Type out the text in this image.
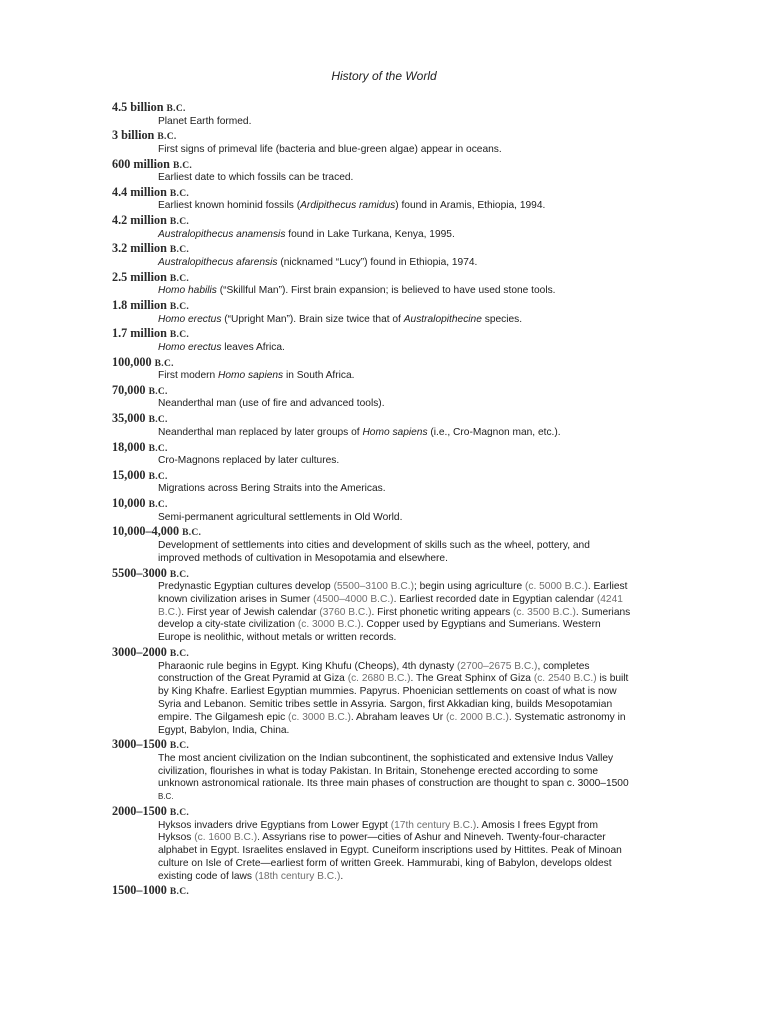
History of the World
4.5 billion B.C.
Planet Earth formed.
3 billion B.C.
First signs of primeval life (bacteria and blue-green algae) appear in oceans.
600 million B.C.
Earliest date to which fossils can be traced.
4.4 million B.C.
Earliest known hominid fossils (Ardipithecus ramidus) found in Aramis, Ethiopia, 1994.
4.2 million B.C.
Australopithecus anamensis found in Lake Turkana, Kenya, 1995.
3.2 million B.C.
Australopithecus afarensis (nicknamed “Lucy”) found in Ethiopia, 1974.
2.5 million B.C.
Homo habilis (“Skillful Man”). First brain expansion; is believed to have used stone tools.
1.8 million B.C.
Homo erectus (“Upright Man”). Brain size twice that of Australopithecine species.
1.7 million B.C.
Homo erectus leaves Africa.
100,000 B.C.
First modern Homo sapiens in South Africa.
70,000 B.C.
Neanderthal man (use of fire and advanced tools).
35,000 B.C.
Neanderthal man replaced by later groups of Homo sapiens (i.e., Cro-Magnon man, etc.).
18,000 B.C.
Cro-Magnons replaced by later cultures.
15,000 B.C.
Migrations across Bering Straits into the Americas.
10,000 B.C.
Semi-permanent agricultural settlements in Old World.
10,000–4,000 B.C.
Development of settlements into cities and development of skills such as the wheel, pottery, and improved methods of cultivation in Mesopotamia and elsewhere.
5500–3000 B.C.
Predynastic Egyptian cultures develop (5500–3100 B.C.); begin using agriculture (c. 5000 B.C.). Earliest known civilization arises in Sumer (4500–4000 B.C.). Earliest recorded date in Egyptian calendar (4241 B.C.). First year of Jewish calendar (3760 B.C.). First phonetic writing appears (c. 3500 B.C.). Sumerians develop a city-state civilization (c. 3000 B.C.). Copper used by Egyptians and Sumerians. Western Europe is neolithic, without metals or written records.
3000–2000 B.C.
Pharaonic rule begins in Egypt. King Khufu (Cheops), 4th dynasty (2700–2675 B.C.), completes construction of the Great Pyramid at Giza (c. 2680 B.C.). The Great Sphinx of Giza (c. 2540 B.C.) is built by King Khafre. Earliest Egyptian mummies. Papyrus. Phoenician settlements on coast of what is now Syria and Lebanon. Semitic tribes settle in Assyria. Sargon, first Akkadian king, builds Mesopotamian empire. The Gilgamesh epic (c. 3000 B.C.). Abraham leaves Ur (c. 2000 B.C.). Systematic astronomy in Egypt, Babylon, India, China.
3000–1500 B.C.
The most ancient civilization on the Indian subcontinent, the sophisticated and extensive Indus Valley civilization, flourishes in what is today Pakistan. In Britain, Stonehenge erected according to some unknown astronomical rationale. Its three main phases of construction are thought to span c. 3000–1500 B.C.
2000–1500 B.C.
Hyksos invaders drive Egyptians from Lower Egypt (17th century B.C.). Amosis I frees Egypt from Hyksos (c. 1600 B.C.). Assyrians rise to power—cities of Ashur and Nineveh. Twenty-four-character alphabet in Egypt. Israelites enslaved in Egypt. Cuneiform inscriptions used by Hittites. Peak of Minoan culture on Isle of Crete—earliest form of written Greek. Hammurabi, king of Babylon, develops oldest existing code of laws (18th century B.C.).
1500–1000 B.C.
